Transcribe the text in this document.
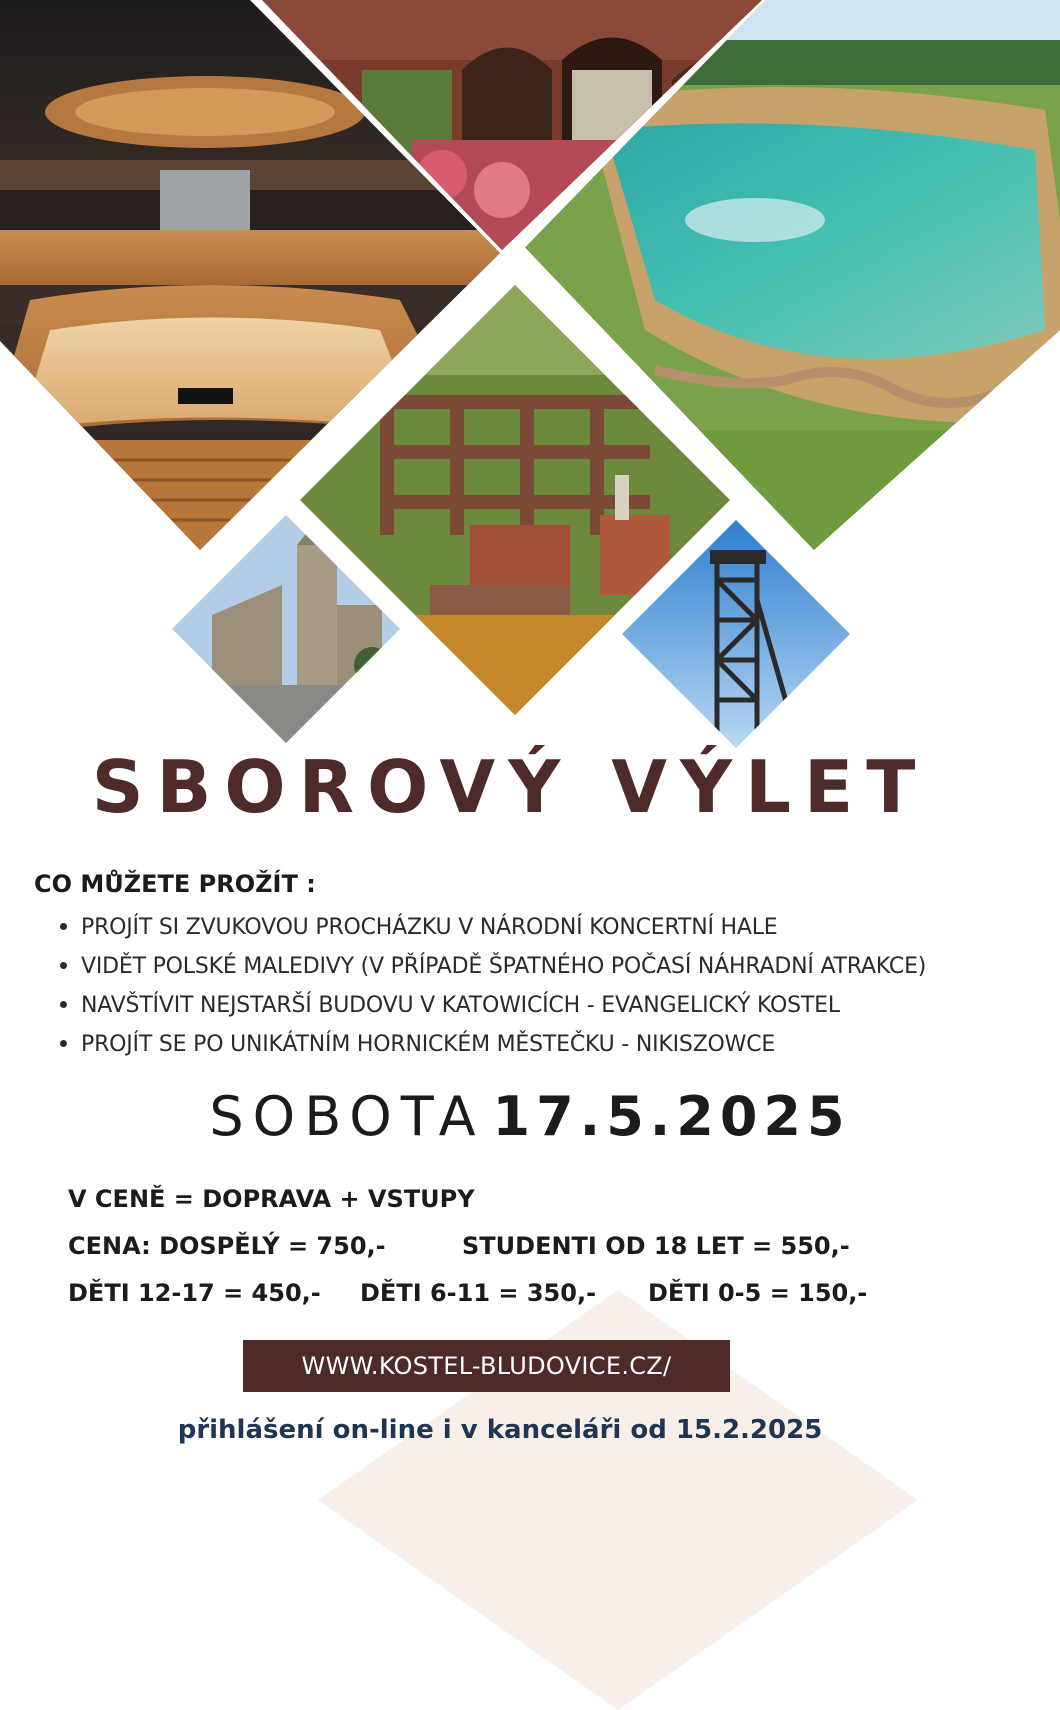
SBOROVÝ VÝLET
CO MŮŽETE PROŽÍT :
PROJÍT SI ZVUKOVOU PROCHÁZKU V NÁRODNÍ KONCERTNÍ HALE
VIDĚT POLSKÉ MALEDIVY (V PŘÍPADĚ ŠPATNÉHO POČASÍ NÁHRADNÍ ATRAKCE)
NAVŠTÍVIT NEJSTARŠÍ BUDOVU V KATOWICÍCH - EVANGELICKÝ KOSTEL
PROJÍT SE PO UNIKÁTNÍM HORNICKÉM MĚSTEČKU - NIKISZOWCE
SOBOTA 17.5.2025
V CENĚ = DOPRAVA + VSTUPY
CENA: DOSPĚLÝ = 750,-	STUDENTI OD 18 LET = 550,-
DĚTI 12-17 = 450,- DĚTI 6-11 = 350,- DĚTI 0-5 = 150,-
WWW.KOSTEL-BLUDOVICE.CZ/
přihlášení on-line i v kanceláři od 15.2.2025
